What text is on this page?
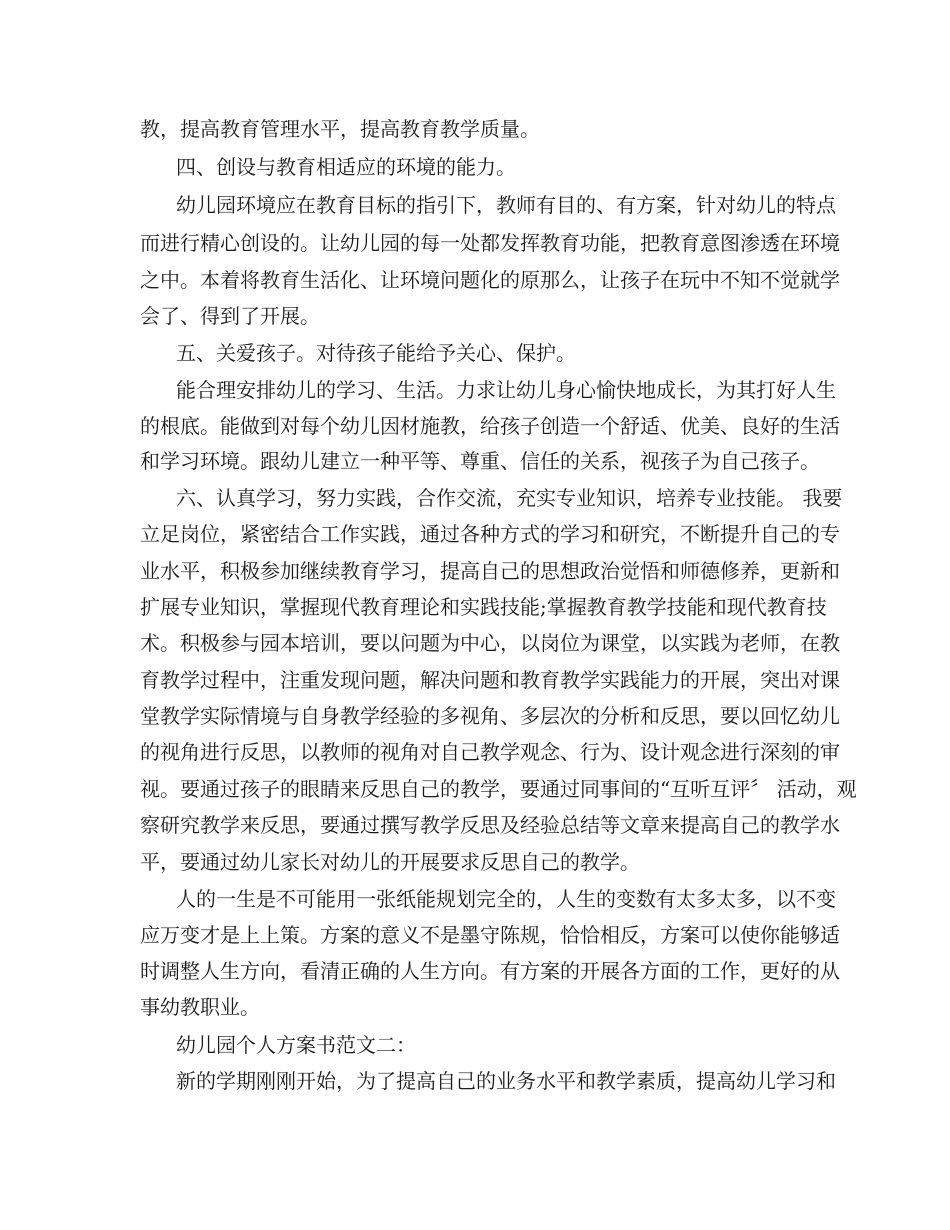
教，提高教育管理水平，提高教育教学质量。
四、创设与教育相适应的环境的能力。
幼儿园环境应在教育目标的指引下，教师有目的、有方案，针对幼儿的特点
而进行精心创设的。让幼儿园的每一处都发挥教育功能，把教育意图渗透在环境
之中。本着将教育生活化、让环境问题化的原那么，让孩子在玩中不知不觉就学
会了、得到了开展。
五、关爱孩子。对待孩子能给予关心、保护。
能合理安排幼儿的学习、生活。力求让幼儿身心愉快地成长，为其打好人生
的根底。能做到对每个幼儿因材施教，给孩子创造一个舒适、优美、良好的生活
和学习环境。跟幼儿建立一种平等、尊重、信任的关系，视孩子为自己孩子。
六、认真学习，努力实践，合作交流，充实专业知识，培养专业技能。 我要
立足岗位，紧密结合工作实践，通过各种方式的学习和研究，不断提升自己的专
业水平，积极参加继续教育学习，提高自己的思想政治觉悟和师德修养，更新和
扩展专业知识，掌握现代教育理论和实践技能;掌握教育教学技能和现代教育技
术。积极参与园本培训，要以问题为中心，以岗位为课堂，以实践为老师，在教
育教学过程中，注重发现问题，解决问题和教育教学实践能力的开展，突出对课
堂教学实际情境与自身教学经验的多视角、多层次的分析和反思，要以回忆幼儿
的视角进行反思，以教师的视角对自己教学观念、行为、设计观念进行深刻的审
视。要通过孩子的眼睛来反思自己的教学，要通过同事间的“互听互评〞 活动，观
察研究教学来反思，要通过撰写教学反思及经验总结等文章来提高自己的教学水
平，要通过幼儿家长对幼儿的开展要求反思自己的教学。
人的一生是不可能用一张纸能规划完全的，人生的变数有太多太多，以不变
应万变才是上上策。方案的意义不是墨守陈规，恰恰相反，方案可以使你能够适
时调整人生方向，看清正确的人生方向。有方案的开展各方面的工作，更好的从
事幼教职业。
幼儿园个人方案书范文二：
新的学期刚刚开始，为了提高自己的业务水平和教学素质，提高幼儿学习和
